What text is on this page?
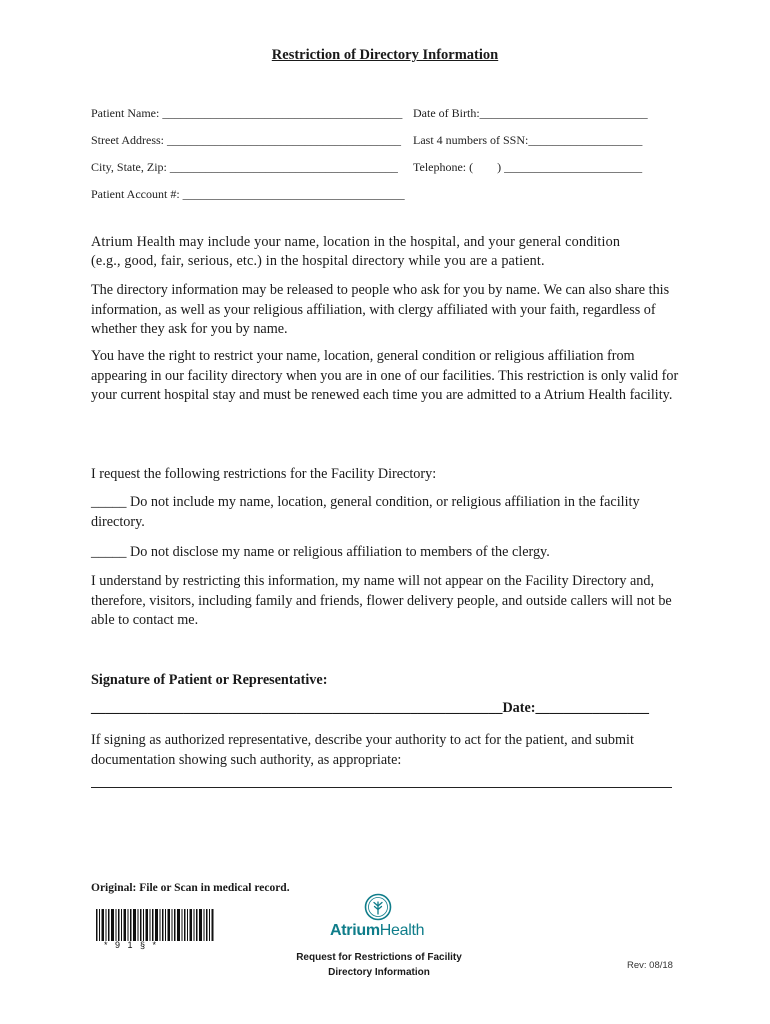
Restriction of Directory Information
Patient Name: ________________________________________ Date of Birth:____________________________
Street Address: _______________________________________ Last 4 numbers of SSN:___________________
City, State, Zip: ______________________________________ Telephone: (        ) _______________________
Patient Account #: _____________________________________
Atrium Health may include your name, location in the hospital, and your general condition
(e.g., good, fair, serious, etc.) in the hospital directory while you are a patient.
The directory information may be released to people who ask for you by name. We can also share this information, as well as your religious affiliation, with clergy affiliated with your faith, regardless of whether they ask for you by name.
You have the right to restrict your name, location, general condition or religious affiliation from appearing in our facility directory when you are in one of our facilities. This restriction is only valid for your current hospital stay and must be renewed each time you are admitted to a Atrium Health facility.
I request the following restrictions for the Facility Directory:
_____ Do not include my name, location, general condition, or religious affiliation in the facility directory.
_____ Do not disclose my name or religious affiliation to members of the clergy.
I understand by restricting this information, my name will not appear on the Facility Directory and, therefore, visitors, including family and friends, flower delivery people, and outside callers will not be able to contact me.
Signature of Patient or Representative:
__________________________________________________________Date:________________
If signing as authorized representative, describe your authority to act for the patient, and submit documentation showing such authority, as appropriate:
Original: File or Scan in medical record.
*   9   1   §   *
AtriumHealth
Request for Restrictions of Facility
Directory Information
Rev: 08/18
